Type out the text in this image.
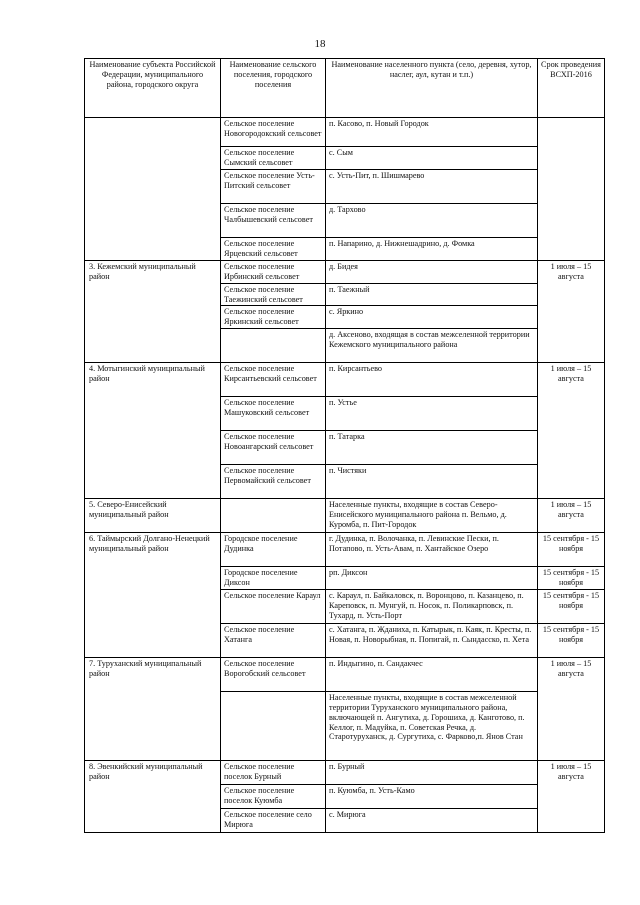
18
Наименование субъекта Российской Федерации, муниципального района, городского округа	Наименование сельского поселения, городского поселения	Наименование населенного пункта (село, деревня, хутор, наслег, аул, кутан и т.п.)	Срок проведения ВСХП-2016
	Сельское поселение Новогородокский сельсовет	п. Касово, п. Новый Городок	
	Сельское поселение Сымский сельсовет	с. Сым	
	Сельское поселение Усть-Питский сельсовет	с. Усть-Пит, п. Шишмарево	
	Сельское поселение Чалбышевский сельсовет	д. Тархово	
	Сельское поселение Ярцевский сельсовет	п. Напарино, д. Нижнешадрино, д. Фомка	
3. Кежемский муниципальный район	Сельское поселение Ирбинский сельсовет	д. Бидея	1 июля – 15 августа
	Сельское поселение Таежинский сельсовет	п. Таежный	
	Сельское поселение Яркинский сельсовет	с. Яркино	
		д. Аксеново, входящая в состав межселенной территории Кежемского муниципального района	
4. Мотыгинский муниципальный район	Сельское поселение Кирсантьевский сельсовет	п. Кирсантьево	1 июля – 15 августа
	Сельское поселение Машуковский сельсовет	п. Устье	
	Сельское поселение Новоангарский сельсовет	п. Татарка	
	Сельское поселение Первомайский сельсовет	п. Чистяки	
5. Северо-Енисейский муниципальный район		Населенные пункты, входящие в состав Северо-Енисейского муниципального района п. Вельмо, д. Куромба, п. Пит-Городок	1 июля – 15 августа
6. Таймырский Долгано-Ненецкий муниципальный район	Городское поселение Дудинка	г. Дудинка, п. Волочанка, п. Левинские Пески, п. Потапово, п. Усть-Авам, п. Хантайское Озеро	15 сентября - 15 ноября
	Городское поселение Диксон	рп. Диксон	15 сентября - 15 ноября
	Сельское поселение Караул	с. Караул, п. Байкаловск, п. Воронцово, п. Казанцево, п. Кареповск, п. Мунгуй, п. Носок, п. Поликарповск, п. Тухард, п. Усть-Порт	15 сентября - 15 ноября
	Сельское поселение Хатанга	с. Хатанга, п. Жданиха, п. Катырык, п. Каяк, п. Кресты, п. Новая, п. Новорыбная, п. Попигай, п. Сындасско, п. Хета	15 сентября - 15 ноября
7. Туруханский муниципальный район	Сельское поселение Ворогобский сельсовет	п. Индыгино, п. Сандакчес	1 июля – 15 августа
		Населенные пункты, входящие в состав межселенной территории Туруханского муниципального района, включающей п. Ангутиха, д. Горошиха, д. Канготово, п. Келлог, п. Мадуйка, п. Советская Речка, д. Старотуруханск, д. Сургутиха, с. Фарково,п. Янов Стан	
8. Эвенкийский муниципальный район	Сельское поселение поселок Бурный	п. Бурный	1 июля – 15 августа
	Сельское поселение поселок Куюмба	п. Куюмба, п. Усть-Камо	
	Сельское поселение село Мирюга	с. Мирюга	
